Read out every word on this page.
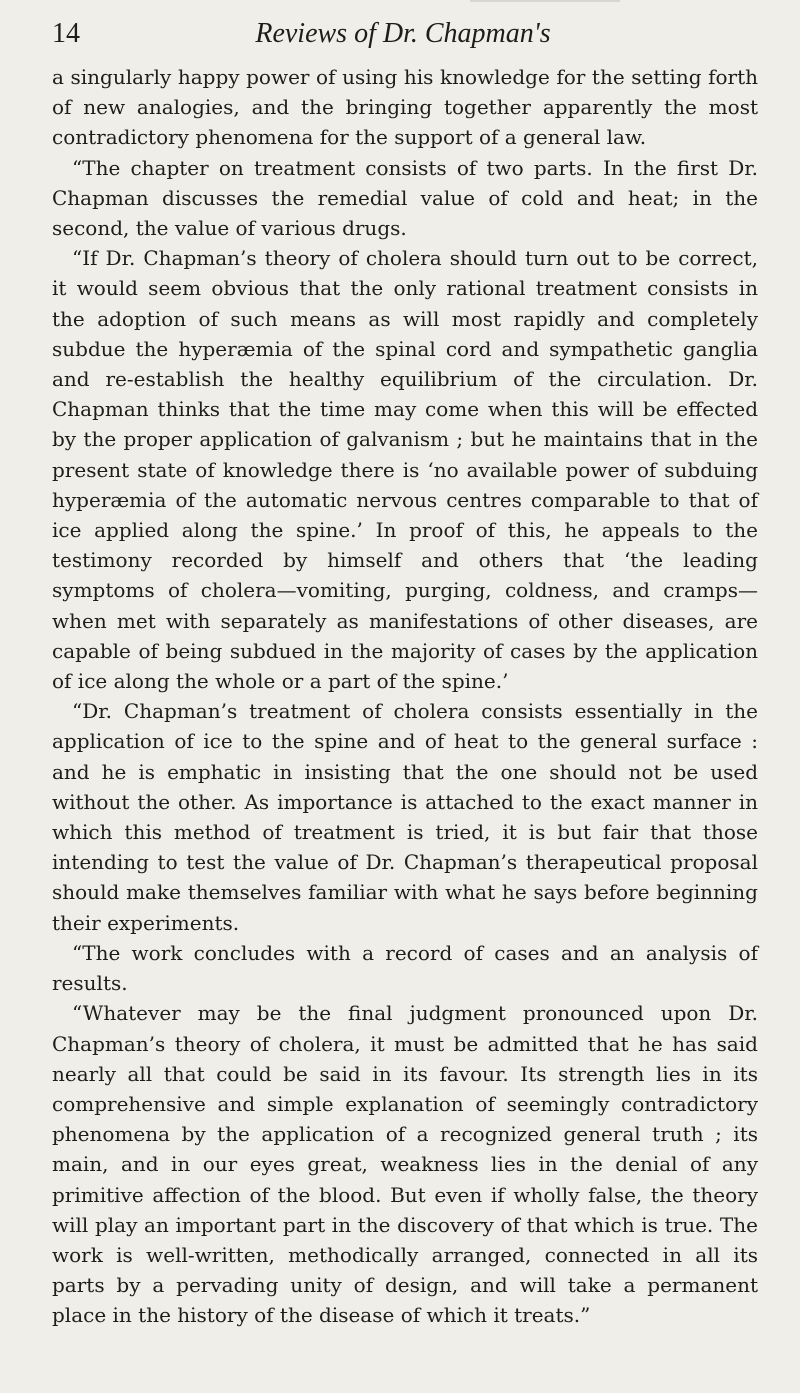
14	Reviews of Dr. Chapman's

a singularly happy power of using his knowledge for the setting forth of new analogies, and the bringing together apparently the most contradictory phenomena for the support of a general law.

“The chapter on treatment consists of two parts. In the first Dr. Chapman discusses the remedial value of cold and heat; in the second, the value of various drugs.

“If Dr. Chapman’s theory of cholera should turn out to be correct, it would seem obvious that the only rational treatment consists in the adoption of such means as will most rapidly and completely subdue the hyperæmia of the spinal cord and sympathetic ganglia and re-establish the healthy equilibrium of the circulation. Dr. Chapman thinks that the time may come when this will be effected by the proper application of galvanism ; but he maintains that in the present state of knowledge there is ‘no available power of subduing hyperæmia of the automatic nervous centres comparable to that of ice applied along the spine.’ In proof of this, he appeals to the testimony recorded by himself and others that ‘the leading symptoms of cholera—vomiting, purging, coldness, and cramps—when met with separately as manifestations of other diseases, are capable of being subdued in the majority of cases by the application of ice along the whole or a part of the spine.’

“Dr. Chapman’s treatment of cholera consists essentially in the application of ice to the spine and of heat to the general surface : and he is emphatic in insisting that the one should not be used without the other. As importance is attached to the exact manner in which this method of treatment is tried, it is but fair that those intending to test the value of Dr. Chapman’s therapeutical proposal should make themselves familiar with what he says before beginning their experiments.

“The work concludes with a record of cases and an analysis of results.

“Whatever may be the final judgment pronounced upon Dr. Chapman’s theory of cholera, it must be admitted that he has said nearly all that could be said in its favour. Its strength lies in its comprehensive and simple explanation of seemingly contradictory phenomena by the application of a recognized general truth ; its main, and in our eyes great, weakness lies in the denial of any primitive affection of the blood. But even if wholly false, the theory will play an important part in the discovery of that which is true. The work is well-written, methodically arranged, connected in all its parts by a pervading unity of design, and will take a permanent place in the history of the disease of which it treats.”
